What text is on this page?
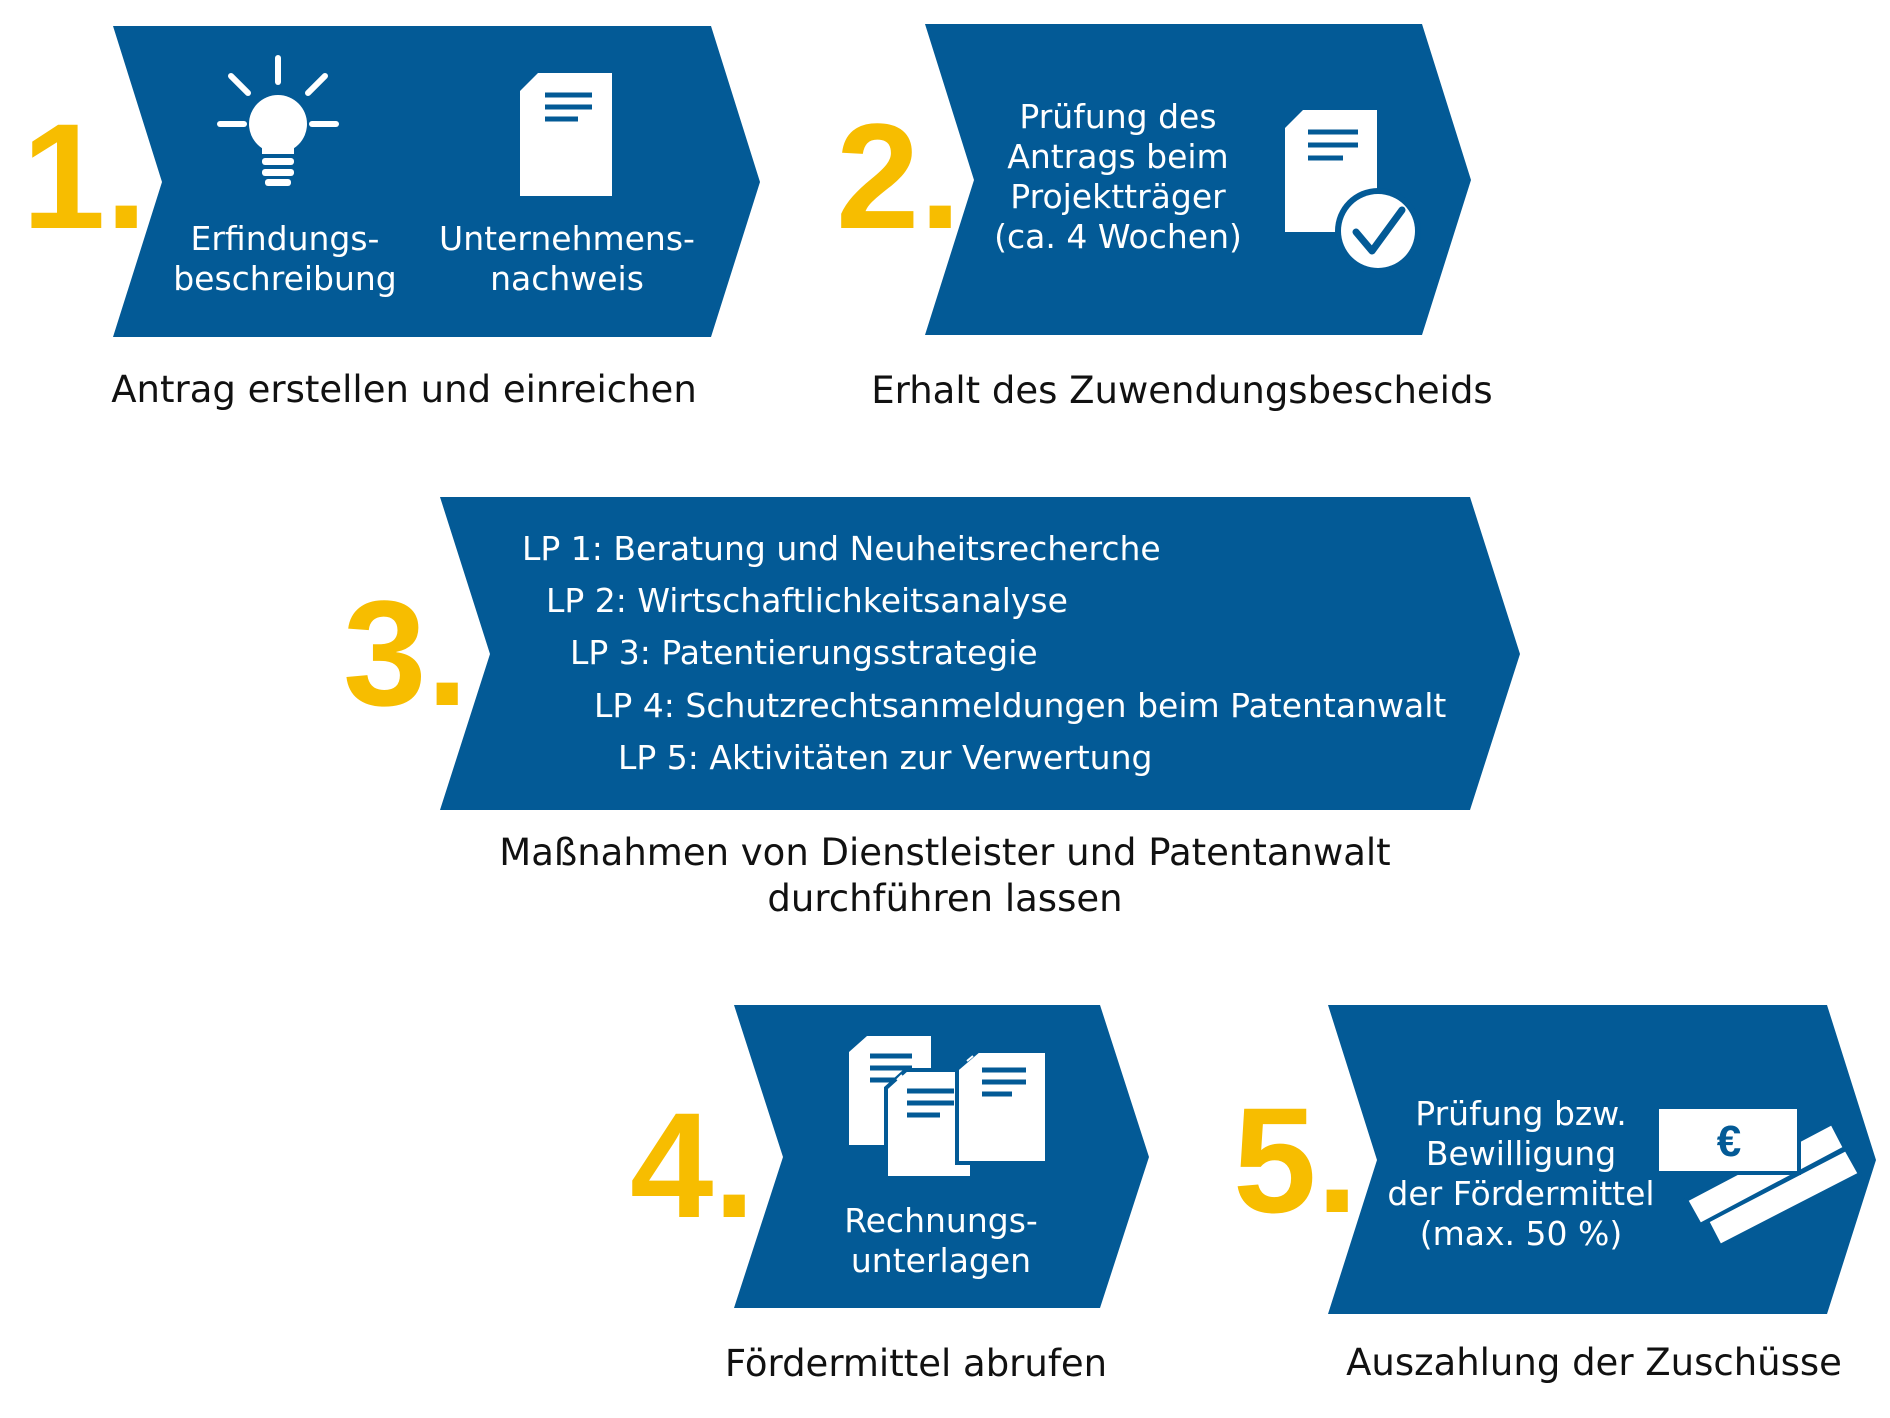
1. Erfindungs-
beschreibung
Unternehmens-
nachweis
Antrag erstellen und einreichen
2. Prüfung des
Antrags beim
Projektträger
(ca. 4 Wochen)
Erhalt des Zuwendungsbescheids
3.
LP 1: Beratung und Neuheitsrecherche
LP 2: Wirtschaftlichkeitsanalyse
LP 3: Patentierungsstrategie
LP 4: Schutzrechtsanmeldungen beim Patentanwalt
LP 5: Aktivitäten zur Verwertung
Maßnahmen von Dienstleister und Patentanwalt
durchführen lassen
4.	Rechnungs-
unterlagen
Fördermittel abrufen
5. Prüfung bzw.
Bewilligung
der Fördermittel
(max. 50 %)
€
Auszahlung der Zuschüsse
